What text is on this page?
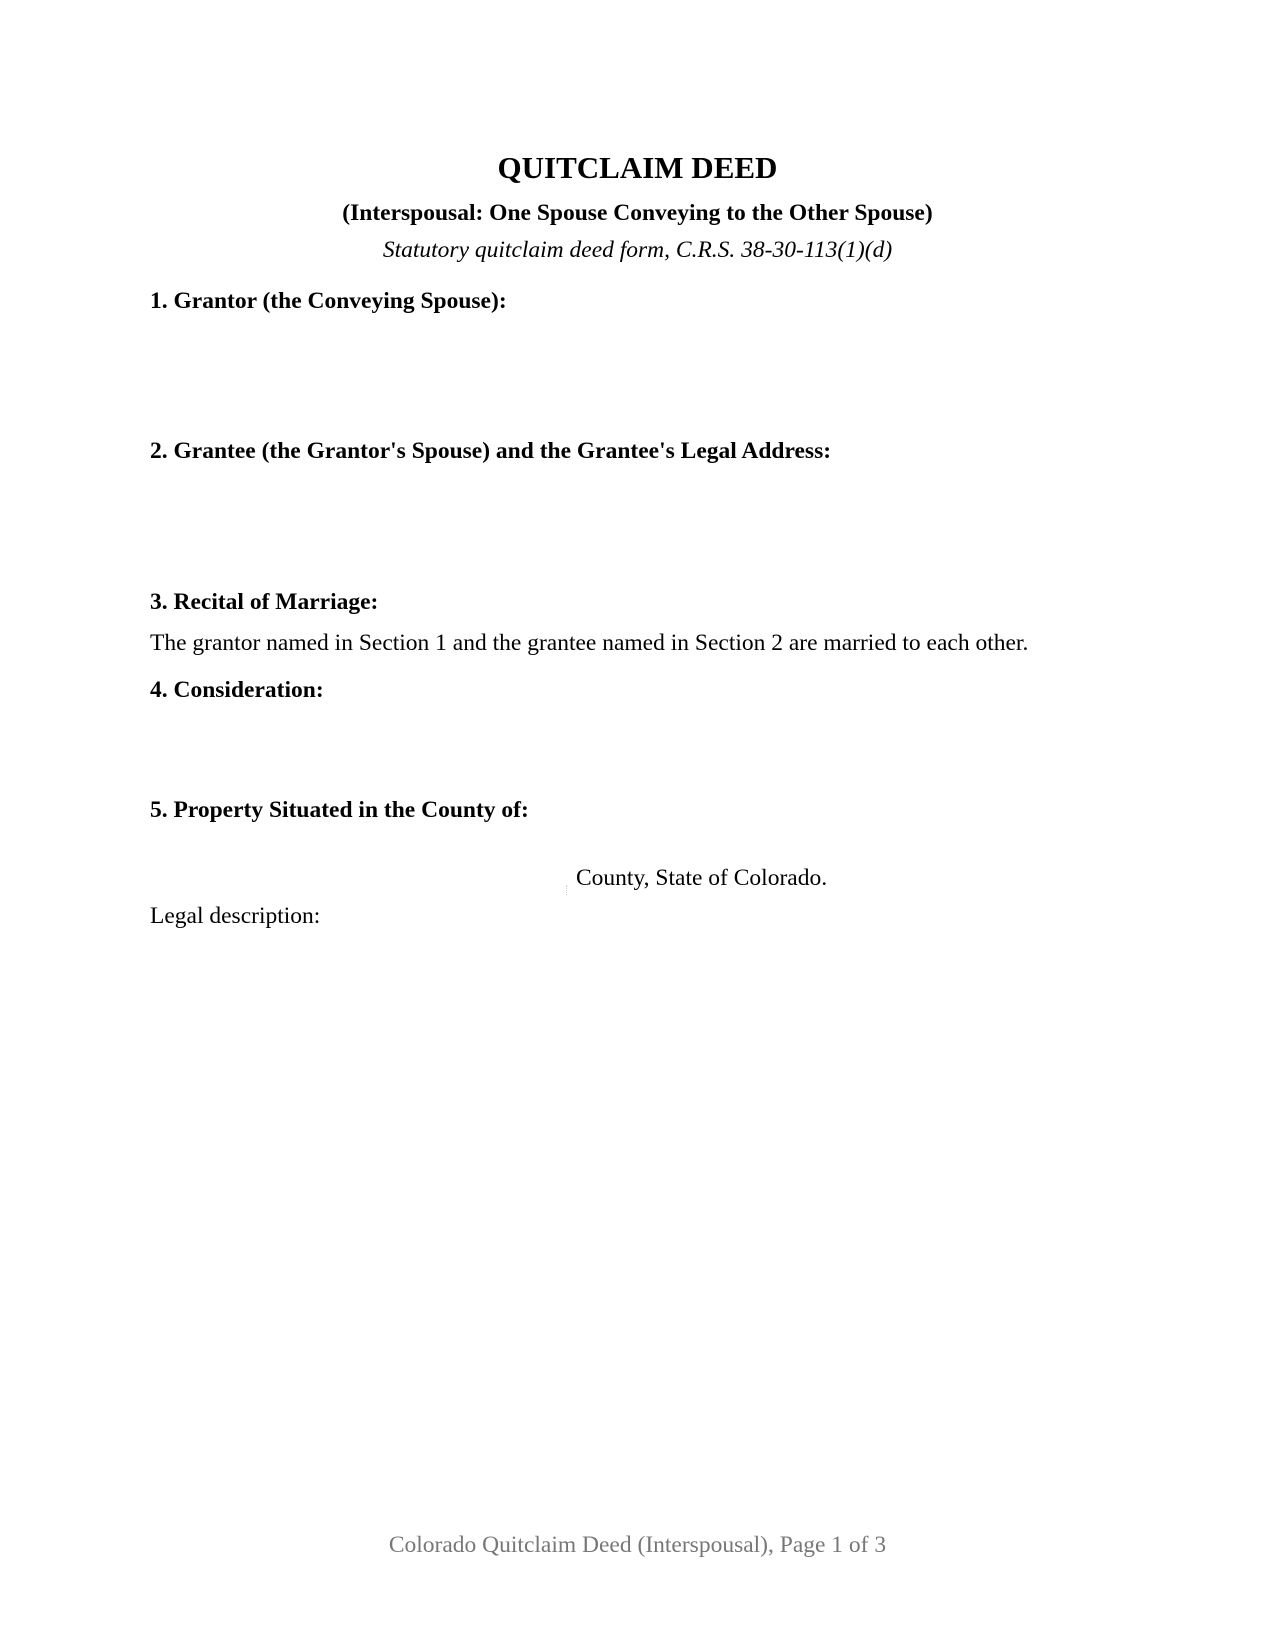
QUITCLAIM DEED
(Interspousal: One Spouse Conveying to the Other Spouse)
Statutory quitclaim deed form, C.R.S. 38-30-113(1)(d)
1. Grantor (the Conveying Spouse):
2. Grantee (the Grantor's Spouse) and the Grantee's Legal Address:
3. Recital of Marriage:
The grantor named in Section 1 and the grantee named in Section 2 are married to each other.
4. Consideration:
5. Property Situated in the County of:
County, State of Colorado.
Legal description:
Colorado Quitclaim Deed (Interspousal), Page 1 of 3
